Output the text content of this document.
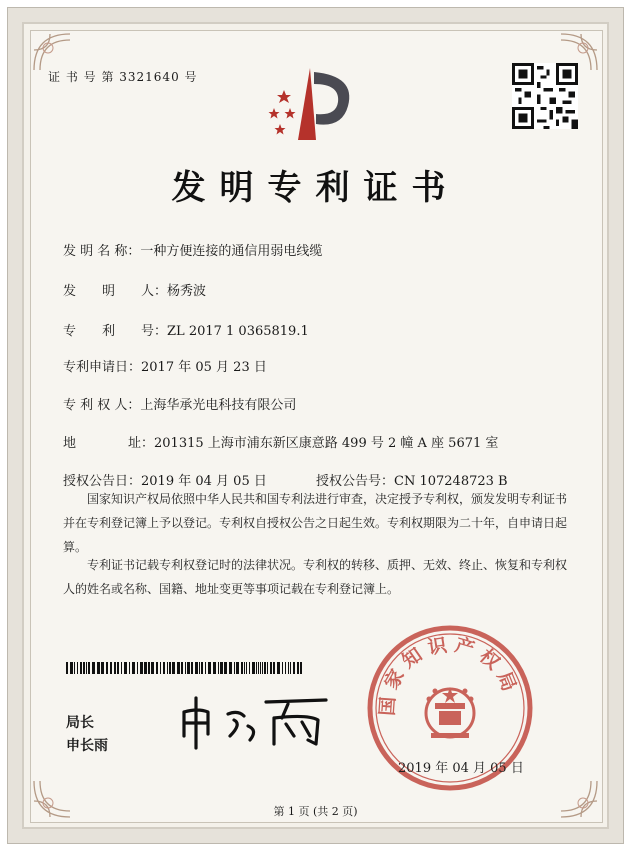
证 书 号 第 3321640 号
发明专利证书
发 明 名 称：一种方便连接的通信用弱电线缆
发　　明　　人：杨秀波
专　　利　　号：ZL 2017 1 0365819.1
专利申请日：2017 年 05 月 23 日
专 利 权 人：上海华承光电科技有限公司
地　　　　址：201315 上海市浦东新区康意路 499 号 2 幢 A 座 5671 室
授权公告日：2019 年 04 月 05 日	授权公告号：CN 107248723 B
国家知识产权局依照中华人民共和国专利法进行审查，决定授予专利权，颁发发明专利证书并在专利登记簿上予以登记。专利权自授权公告之日起生效。专利权期限为二十年，自申请日起算。
专利证书记载专利权登记时的法律状况。专利权的转移、质押、无效、终止、恢复和专利权人的姓名或名称、国籍、地址变更等事项记载在专利登记簿上。
局长
申长雨
国家知识产权局
2019 年 04 月 05 日
第 1 页 (共 2 页)
